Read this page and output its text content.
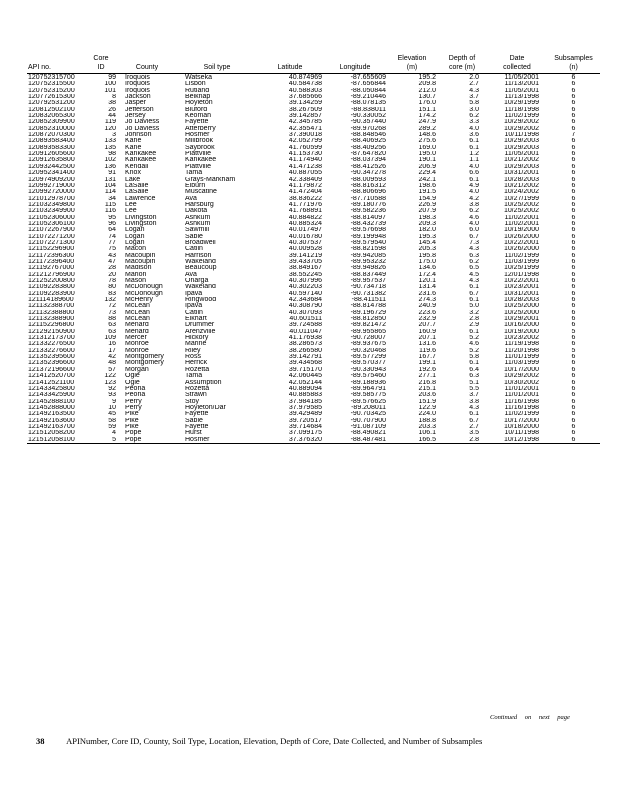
	Core					Elevation	Depth of	Date	Subsamples
API no.	ID	County	Soil type	Latitude	Longitude	(m)	core (m)	collected	(n)
120752315700	99	Iroquois	Watseka	40.874969	-87.655609	195.2	2.0	11/05/2001	6
120752315500	100	Iroquois	Lisbon	40.584738	-87.656844	209.8	2.7	11/13/2001	6
120752315200	101	Iroquois	Rutland	40.588303	-88.050844	212.0	4.3	11/05/2001	6
120772615300	8	Jackson	Belknap	37.685666	-89.210446	130.7	3.7	11/13/1998	6
120792531200	38	Jasper	Hoyleton	39.134259	-88.078135	176.0	5.8	10/29/1999	6
120812502100	26	Jefferson	Bluford	38.267509	-88.838011	151.1	3.0	11/18/1998	6
120832065300	44	Jersey	Keomah	39.142857	-90.330052	174.2	6.2	11/02/1999	6
120852309900	119	Jo Daviess	Fayette	42.345785	-90.357440	247.9	3.3	10/29/2002	6
120852310000	120	Jo Daviess	Atterberry	42.355471	-89.970268	289.2	4.0	10/29/2002	6
120872070300	3	Johnson	Hosmer	37.390018	-88.848546	148.6	3.6	10/11/1998	7
120893583400	133	Kane	Millbrook	42.052799	-88.406925	275.6	6.1	10/29/2003	6
120893583300	135	Kane	Saybrook	41.760599	-88.409256	169.0	6.1	10/29/2003	6
120912605600	98	Kankakee	Plattville	41.153730	-87.647820	195.0	1.2	11/05/2001	6
120912635800	102	Kankakee	Kankakee	41.174940	-88.037394	190.1	1.1	10/21/2002	6
120932442500	136	Kendall	Plattville	41.471238	-88.412526	206.9	4.0	10/29/2003	6
120952341400	91	Knox	Tama	40.887055	-90.347278	229.4	6.6	10/31/2001	6
120974909200	131	Lake	Grays-Markham	42.338409	-88.009593	242.1	6.1	10/28/2003	6
120992719000	104	LaSalle	Elburn	41.179872	-88.816312	198.6	4.9	10/21/2002	6
120992720000	114	LaSalle	Muscatine	41.472404	-88.806696	191.5	4.0	10/24/2002	6
121012978700	34	Lawrence	Ava	38.836222	-87.710588	154.9	4.2	10/27/1999	6
121032349800	115	Lee	Harsburg	41.771976	-89.180776	226.9	3.8	10/25/2002	6
121032349900	116	Lee	Dakota	41.768891	-89.582236	207.9	6.2	10/25/2002	6
121052306000	95	Livingston	Ashkum	40.884822	-88.814097	198.3	4.6	11/02/2001	6
121052306100	96	Livingston	Ashkum	40.885324	-88.432739	209.3	4.0	11/02/2001	6
121072267900	64	Logan	Sawmill	40.017497	-89.576698	182.0	6.0	10/19/2000	6
121072271200	74	Logan	Sable	40.016780	-89.199948	195.3	6.7	10/26/2000	6
121072271300	77	Logan	Broadwell	40.307537	-89.579540	145.4	7.3	10/22/2001	6
121152296900	75	Macon	Catlin	40.009528	-88.821598	205.3	4.3	10/26/2000	6
121172396300	43	Macoupin	Harrison	39.141219	-89.942085	195.8	6.3	11/02/1999	6
121172396400	47	Macoupin	Wakeland	39.433705	-89.953232	175.0	6.2	11/03/1999	6
121192767000	28	Madison	Beaucoup	38.849167	-89.949826	134.6	6.5	10/25/1999	6
121212796900	20	Marion	Ava	38.552245	-88.837449	172.4	4.5	12/01/1998	6
121252200800	78	Mason	Onarga	40.307996	-89.957537	120.1	4.3	10/22/2001	6
121092283800	80	McDonough	Wakeland	40.302203	-90.734718	131.4	6.1	10/23/2001	6
121092283900	83	McDonough	Ipava	40.597140	-90.731382	231.6	6.7	10/31/2001	6
121114189600	132	McHenry	Ringwood	42.343684	-88.411511	274.3	6.1	10/28/2003	6
121132388700	72	McLean	Ipava	40.308790	-88.814788	240.9	5.0	10/25/2000	6
121132388800	73	McLean	Catlin	40.307093	-89.196729	223.6	3.2	10/25/2000	6
121132388900	88	McLean	Elkhart	40.601511	-88.812850	232.9	2.8	10/29/2001	6
121152296800	63	Menard	Drummer	39.724588	-89.821472	207.7	2.9	10/16/2000	6
121292150900	63	Menard	Arenzville	40.011047	-89.955865	160.9	6.1	10/19/2000	5
121312173700	109	Mercer	Hickory	41.176938	-90.728007	207.1	5.2	10/23/2002	6
121332276500	16	Monroe	Marine	38.286573	-89.937675	131.6	4.6	11/19/1998	6
121332276600	17	Monroe	Riley	38.266580	-90.320468	119.6	5.2	11/20/1998	5
121352395600	42	Montgomery	Ross	39.142791	-89.577299	167.7	5.8	11/01/1999	6
121352396600	48	Montgomery	Herrick	39.434568	-89.570377	199.1	6.1	11/03/1999	6
121372196600	57	Morgan	Rozetta	39.715170	-90.330943	192.6	6.4	10/17/2000	6
121412520700	122	Ogle	Tama	42.060445	-89.575460	277.1	6.3	10/29/2002	6
121412521100	123	Ogle	Assumption	42.052144	-89.188936	216.8	5.1	10/30/2002	6
121433425800	92	Peoria	Rozetta	40.889094	-89.964791	215.1	5.5	11/01/2001	6
121433425900	93	Peoria	Strawn	40.885883	-89.585775	203.6	3.7	11/01/2001	6
121452888100	9	Perry	Stoy	37.984185	-89.576625	151.9	3.8	11/16/1998	6
121452888000	10	Perry	Hoyleton/Dar	37.979585	-89.208011	122.9	4.3	11/16/1998	6
121492163500	45	Pike	Fayette	39.429489	-90.703425	224.0	6.1	11/02/1999	6
121492163600	58	Pike	Sable	39.720517	-90.707900	188.8	6.7	10/17/2000	6
121492163700	59	Pike	Fayette	39.714684	-91.087109	203.3	2.7	10/18/2000	6
121512058200	4	Pope	Hurst	37.099175	-88.490821	106.1	3.5	10/11/1998	6
121512058100	5	Pope	Hosmer	37.376320	-88.487481	166.5	2.8	10/12/1998	6
Continued on next page
38	APINumber, Core ID, County, Soil Type, Location, Elevation, Depth of Core, Date Collected, and Number of Subsamples
